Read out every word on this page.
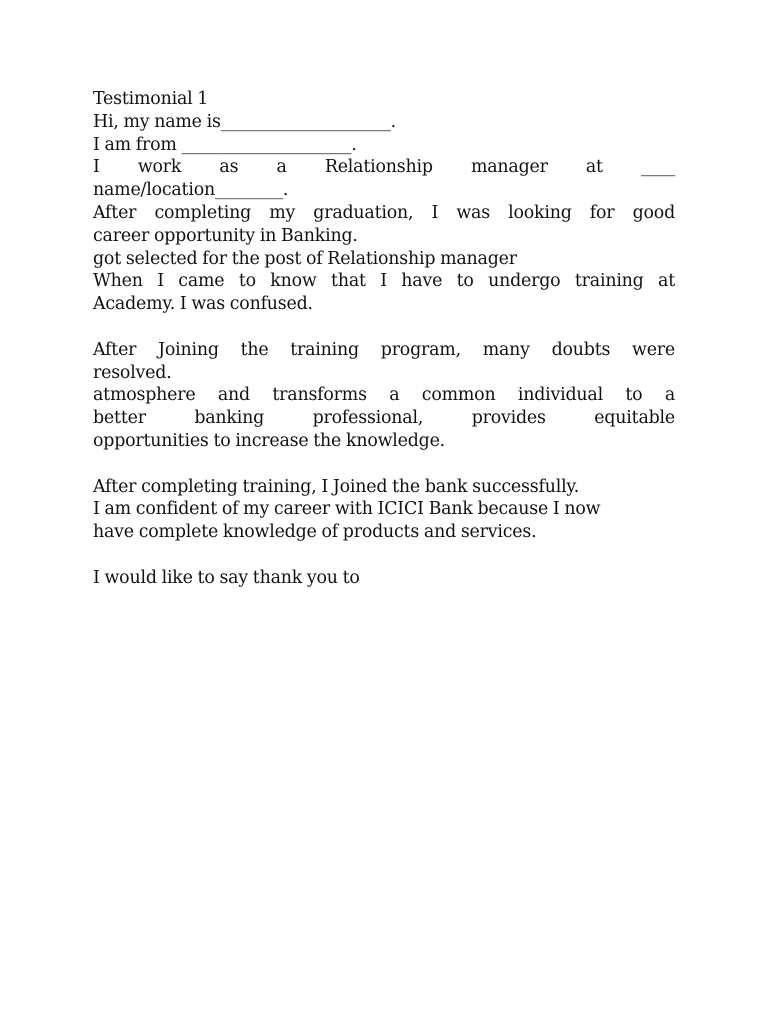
Testimonial 1
Hi, my name is____________________.
I am from ____________________.
I work as a Relationship manager at ____
name/location________.
After completing my graduation, I was looking for good
career opportunity in Banking.
got selected for the post of Relationship manager
When I came to know that I have to undergo training at
Academy. I was confused.
After Joining the training program, many doubts were
resolved.
atmosphere and transforms a common individual to a
better banking professional, provides equitable
opportunities to increase the knowledge.
After completing training, I Joined the bank successfully.
I am confident of my career with ICICI Bank because I now
have complete knowledge of products and services.
I would like to say thank you to
